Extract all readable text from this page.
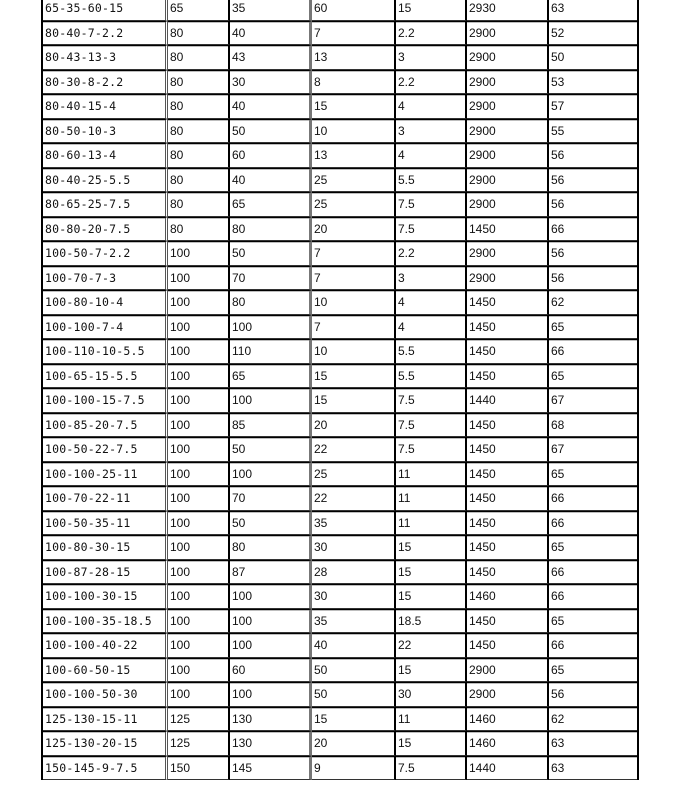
65-35-60-15	65	35	60	15	2930	63
80-40-7-2.2	80	40	7	2.2	2900	52
80-43-13-3	80	43	13	3	2900	50
80-30-8-2.2	80	30	8	2.2	2900	53
80-40-15-4	80	40	15	4	2900	57
80-50-10-3	80	50	10	3	2900	55
80-60-13-4	80	60	13	4	2900	56
80-40-25-5.5	80	40	25	5.5	2900	56
80-65-25-7.5	80	65	25	7.5	2900	56
80-80-20-7.5	80	80	20	7.5	1450	66
100-50-7-2.2	100	50	7	2.2	2900	56
100-70-7-3	100	70	7	3	2900	56
100-80-10-4	100	80	10	4	1450	62
100-100-7-4	100	100	7	4	1450	65
100-110-10-5.5	100	110	10	5.5	1450	66
100-65-15-5.5	100	65	15	5.5	1450	65
100-100-15-7.5	100	100	15	7.5	1440	67
100-85-20-7.5	100	85	20	7.5	1450	68
100-50-22-7.5	100	50	22	7.5	1450	67
100-100-25-11	100	100	25	11	1450	65
100-70-22-11	100	70	22	11	1450	66
100-50-35-11	100	50	35	11	1450	66
100-80-30-15	100	80	30	15	1450	65
100-87-28-15	100	87	28	15	1450	66
100-100-30-15	100	100	30	15	1460	66
100-100-35-18.5	100	100	35	18.5	1450	65
100-100-40-22	100	100	40	22	1450	66
100-60-50-15	100	60	50	15	2900	65
100-100-50-30	100	100	50	30	2900	56
125-130-15-11	125	130	15	11	1460	62
125-130-20-15	125	130	20	15	1460	63
150-145-9-7.5	150	145	9	7.5	1440	63
